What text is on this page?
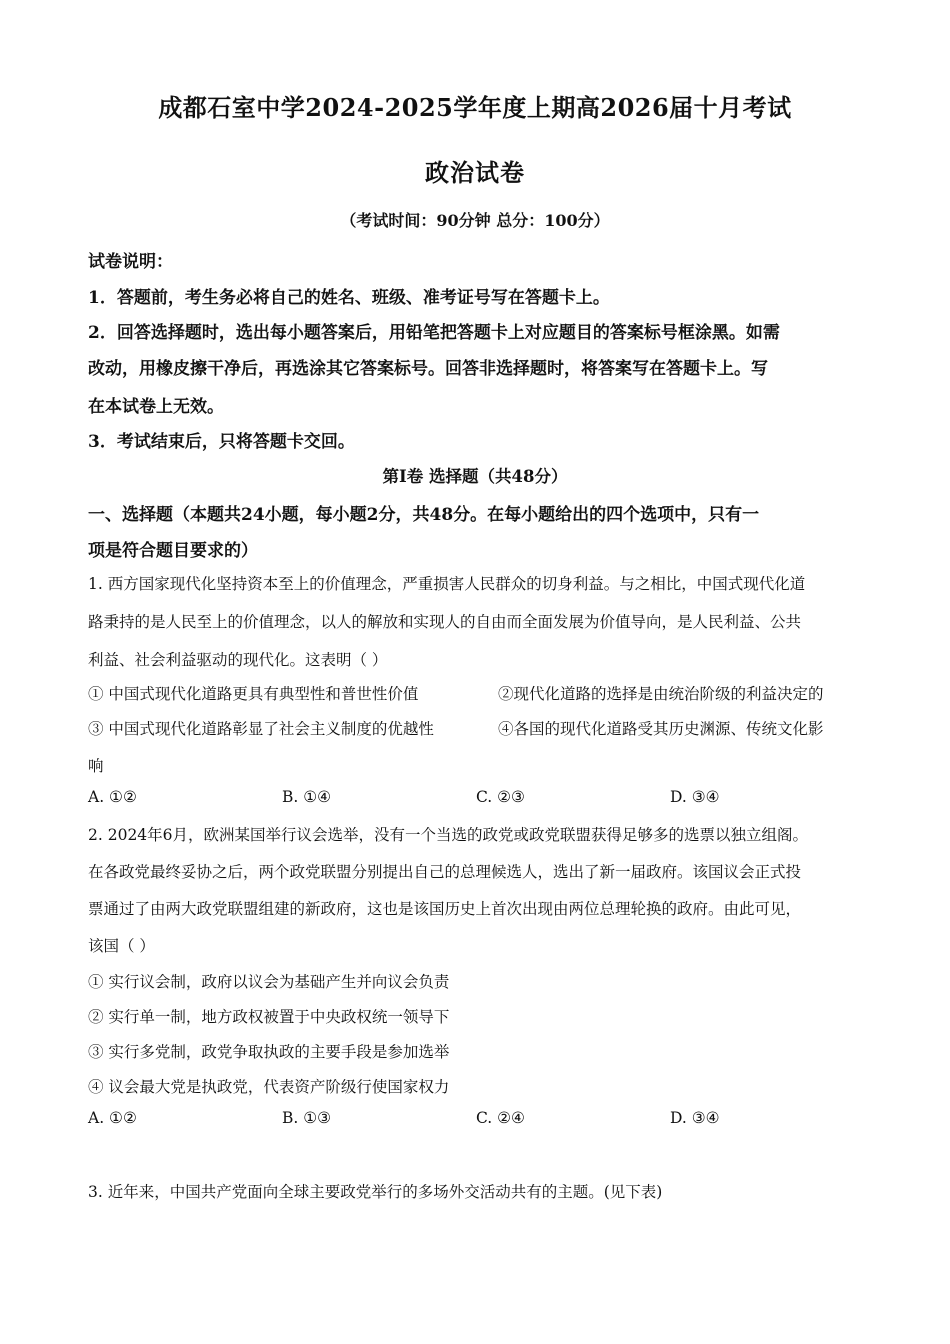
成都石室中学2024-2025学年度上期高2026届十月考试
政治试卷
（考试时间：90分钟 总分：100分）
试卷说明：
1．答题前，考生务必将自己的姓名、班级、准考证号写在答题卡上。
2．回答选择题时，选出每小题答案后，用铅笔把答题卡上对应题目的答案标号框涂黑。如需
改动，用橡皮擦干净后，再选涂其它答案标号。回答非选择题时，将答案写在答题卡上。写
在本试卷上无效。
3．考试结束后，只将答题卡交回。
第Ⅰ卷 选择题（共48分）
一、选择题（本题共24小题，每小题2分，共48分。在每小题给出的四个选项中，只有一
项是符合题目要求的）
1. 西方国家现代化坚持资本至上的价值理念，严重损害人民群众的切身利益。与之相比，中国式现代化道
路秉持的是人民至上的价值理念，以人的解放和实现人的自由而全面发展为价值导向，是人民利益、公共
利益、社会利益驱动的现代化。这表明（ ）
① 中国式现代化道路更具有典型性和普世性价值	②现代化道路的选择是由统治阶级的利益决定的
③ 中国式现代化道路彰显了社会主义制度的优越性	④各国的现代化道路受其历史渊源、传统文化影
响
A. ①②	B. ①④	C. ②③	D. ③④
2. 2024年6月，欧洲某国举行议会选举，没有一个当选的政党或政党联盟获得足够多的选票以独立组阁。
在各政党最终妥协之后，两个政党联盟分别提出自己的总理候选人，选出了新一届政府。该国议会正式投
票通过了由两大政党联盟组建的新政府，这也是该国历史上首次出现由两位总理轮换的政府。由此可见，
该国（ ）
① 实行议会制，政府以议会为基础产生并向议会负责
② 实行单一制，地方政权被置于中央政权统一领导下
③ 实行多党制，政党争取执政的主要手段是参加选举
④ 议会最大党是执政党，代表资产阶级行使国家权力
A. ①②	B. ①③	C. ②④	D. ③④
3. 近年来，中国共产党面向全球主要政党举行的多场外交活动共有的主题。(见下表)
